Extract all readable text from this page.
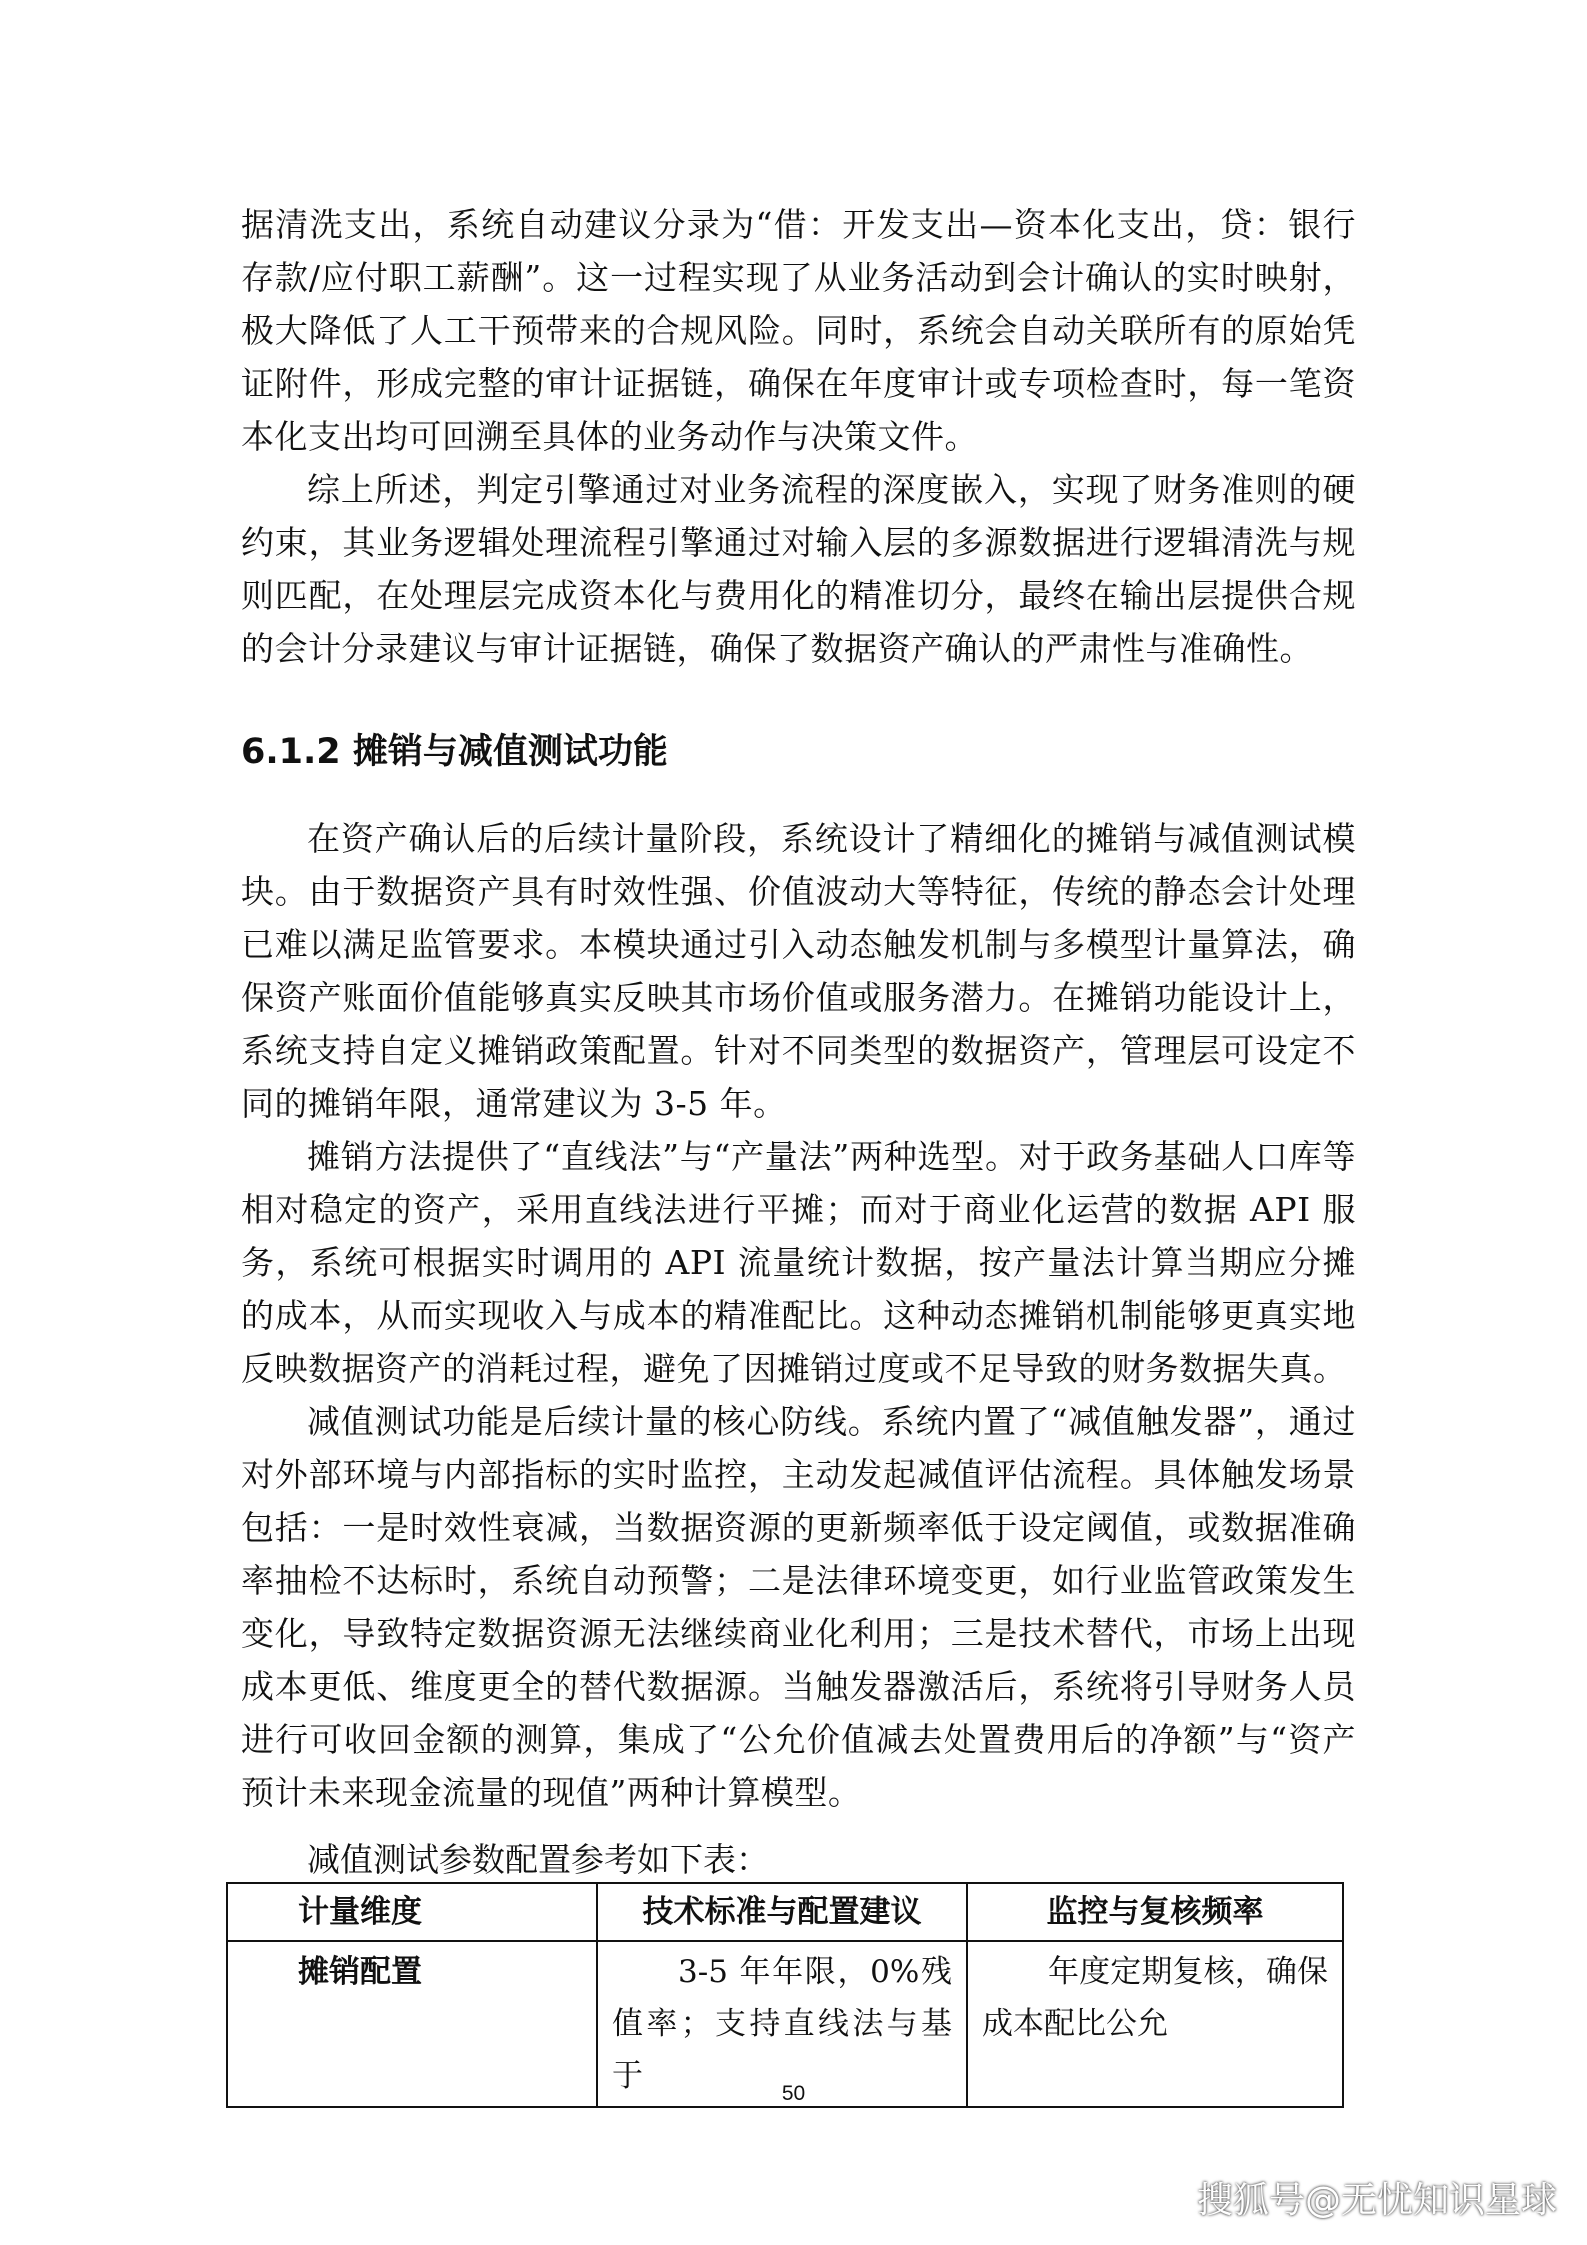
据清洗支出，系统自动建议分录为“借：开发支出—资本化支出，贷：银行存款/应付职工薪酬”。这一过程实现了从业务活动到会计确认的实时映射，极大降低了人工干预带来的合规风险。同时，系统会自动关联所有的原始凭证附件，形成完整的审计证据链，确保在年度审计或专项检查时，每一笔资本化支出均可回溯至具体的业务动作与决策文件。

综上所述，判定引擎通过对业务流程的深度嵌入，实现了财务准则的硬约束，其业务逻辑处理流程引擎通过对输入层的多源数据进行逻辑清洗与规则匹配，在处理层完成资本化与费用化的精准切分，最终在输出层提供合规的会计分录建议与审计证据链，确保了数据资产确认的严肃性与准确性。

6.1.2 摊销与减值测试功能

在资产确认后的后续计量阶段，系统设计了精细化的摊销与减值测试模块。由于数据资产具有时效性强、价值波动大等特征，传统的静态会计处理已难以满足监管要求。本模块通过引入动态触发机制与多模型计量算法，确保资产账面价值能够真实反映其市场价值或服务潜力。在摊销功能设计上，系统支持自定义摊销政策配置。针对不同类型的数据资产，管理层可设定不同的摊销年限，通常建议为 3-5 年。

摊销方法提供了“直线法”与“产量法”两种选型。对于政务基础人口库等相对稳定的资产，采用直线法进行平摊；而对于商业化运营的数据 API 服务，系统可根据实时调用的 API 流量统计数据，按产量法计算当期应分摊的成本，从而实现收入与成本的精准配比。这种动态摊销机制能够更真实地反映数据资产的消耗过程，避免了因摊销过度或不足导致的财务数据失真。

减值测试功能是后续计量的核心防线。系统内置了“减值触发器”，通过对外部环境与内部指标的实时监控，主动发起减值评估流程。具体触发场景包括：一是时效性衰减，当数据资源的更新频率低于设定阈值，或数据准确率抽检不达标时，系统自动预警；二是法律环境变更，如行业监管政策发生变化，导致特定数据资源无法继续商业化利用；三是技术替代，市场上出现成本更低、维度更全的替代数据源。当触发器激活后，系统将引导财务人员进行可收回金额的测算，集成了“公允价值减去处置费用后的净额”与“资产预计未来现金流量的现值”两种计算模型。

减值测试参数配置参考如下表：

计量维度	技术标准与配置建议	监控与复核频率
摊销配置	3-5 年年限，0%残值率；支持直线法与基于	年度定期复核，确保成本配比公允
50
搜狐号@无忧知识星球
